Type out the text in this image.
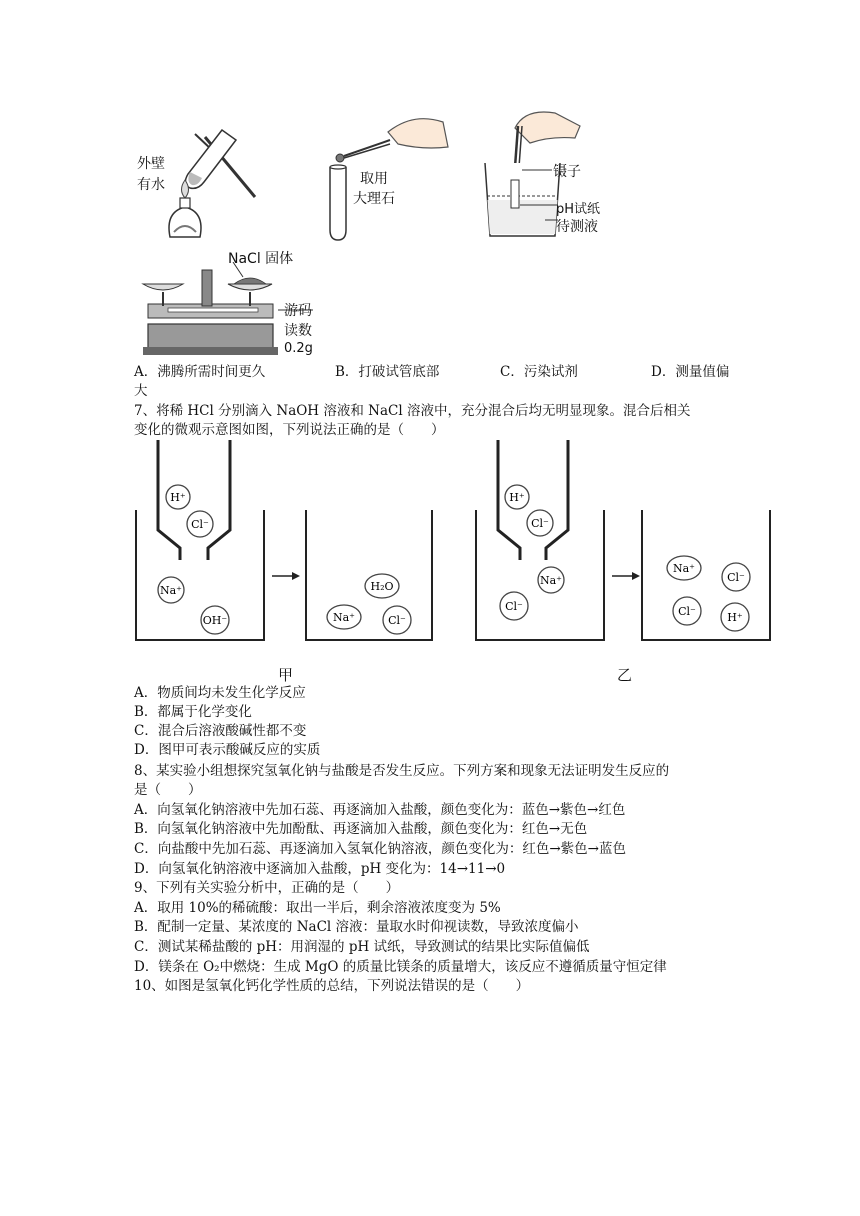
外壁
有水	取用
大理石
镊子
pH试纸
待测液
NaCl 固体
游码
读数
0.2g
A．沸腾所需时间更久	B．打破试管底部	C．污染试剂	D．测量值偏
大
7、将稀 HCl 分别滴入 NaOH 溶液和 NaCl 溶液中，充分混合后均无明显现象。混合后相关
变化的微观示意图如图，下列说法正确的是（　　）
H⁺
Cl⁻
Na⁺
OH⁻
H₂O
Na⁺	Cl⁻
H⁺
Cl⁻
Na⁺
Cl⁻
Na⁺
Cl⁻
Cl⁻	H⁺
甲	乙
A．物质间均未发生化学反应
B．都属于化学变化
C．混合后溶液酸碱性都不变
D．图甲可表示酸碱反应的实质
8、某实验小组想探究氢氧化钠与盐酸是否发生反应。下列方案和现象无法证明发生反应的
是（　　）
A．向氢氧化钠溶液中先加石蕊、再逐滴加入盐酸，颜色变化为：蓝色→紫色→红色
B．向氢氧化钠溶液中先加酚酞、再逐滴加入盐酸，颜色变化为：红色→无色
C．向盐酸中先加石蕊、再逐滴加入氢氧化钠溶液，颜色变化为：红色→紫色→蓝色
D．向氢氧化钠溶液中逐滴加入盐酸，pH 变化为：14→11→0
9、下列有关实验分析中，正确的是（　　）
A．取用 10%的稀硫酸：取出一半后，剩余溶液浓度变为 5%
B．配制一定量、某浓度的 NaCl 溶液：量取水时仰视读数，导致浓度偏小
C．测试某稀盐酸的 pH：用润湿的 pH 试纸，导致测试的结果比实际值偏低
D．镁条在 O₂中燃烧：生成 MgO 的质量比镁条的质量增大，该反应不遵循质量守恒定律
10、如图是氢氧化钙化学性质的总结，下列说法错误的是（　　）
